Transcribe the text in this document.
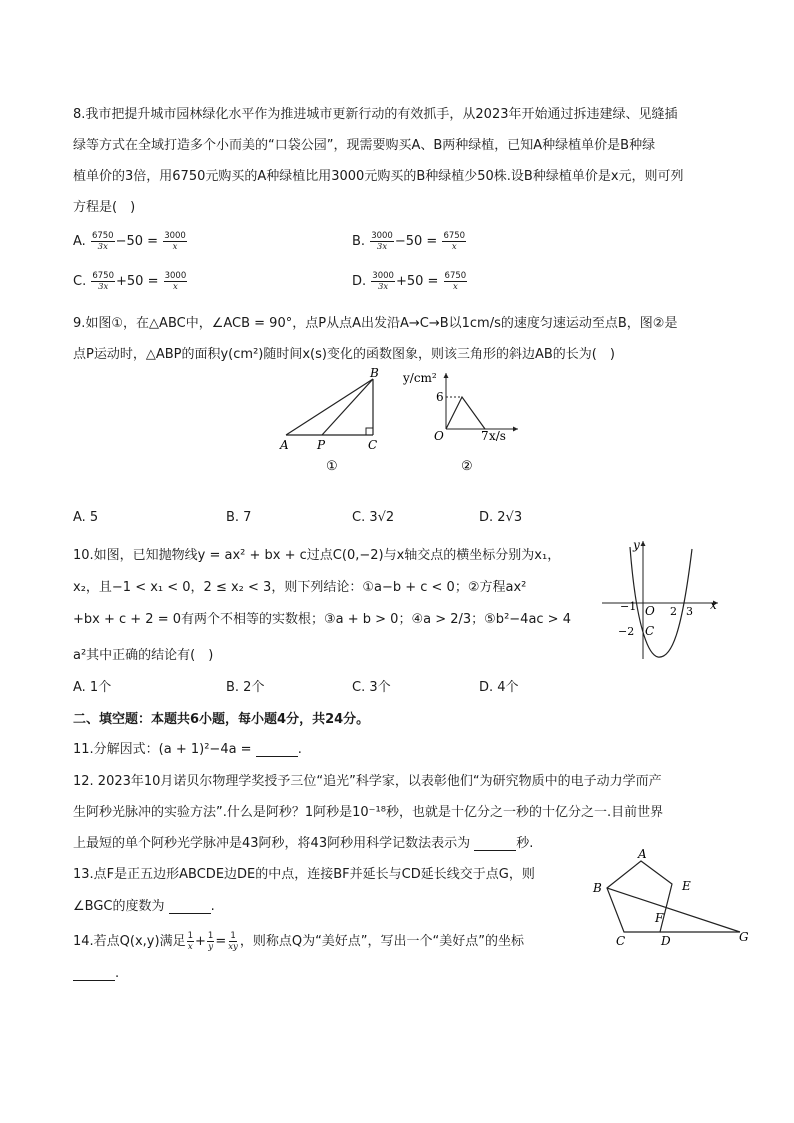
8.我市把提升城市园林绿化水平作为推进城市更新行动的有效抓手，从2023年开始通过拆违建绿、见缝插
绿等方式在全域打造多个小而美的“口袋公园”，现需要购买A、B两种绿植，已知A种绿植单价是B种绿
植单价的3倍，用6750元购买的A种绿植比用3000元购买的B种绿植少50株.设B种绿植单价是x元，则可列
方程是(　)
A. $\frac{6750}{3x} -50 = \frac{3000}{x}$	B. $\frac{3000}{3x} -50 = \frac{6750}{x}$
C. $\frac{6750}{3x} +50 = \frac{3000}{x}$	D. $\frac{3000}{3x} +50 = \frac{6750}{x}$
9.如图①，在△ABC中，∠ACB = 90°，点P从点A出发沿A→C→B以1cm/s的速度匀速运动至点B，图②是
点P运动时，△ABP的面积y(cm²)随时间x(s)变化的函数图象，则该三角形的斜边AB的长为(　)
A P	C
B
①
y/cm²
x/s
O
6
7
②
A. 5	B. 7	C. 3√2	D. 2√3
10.如图，已知抛物线y = ax² + bx + c过点C(0,−2)与x轴交点的横坐标分别为x₁，
x₂，且−1 < x₁ < 0，2 ≤ x₂ < 3，则下列结论：①a−b + c < 0；②方程ax²
+bx + c + 2 = 0有两个不相等的实数根；③a + b > 0；④a > 2/3；⑤b²−4ac > 4
a²其中正确的结论有(　)
y
x
O
−1	2 3
−2 C
A. 1个	B. 2个	C. 3个	D. 4个
二、填空题：本题共6小题，每小题4分，共24分。
11.分解因式：(a + 1)²−4a =	.
12. 2023年10月诺贝尔物理学奖授予三位“追光”科学家，以表彰他们“为研究物质中的电子动力学而产
生阿秒光脉冲的实验方法”.什么是阿秒？1阿秒是10⁻¹⁸秒，也就是十亿分之一秒的十亿分之一.目前世界
上最短的单个阿秒光学脉冲是43阿秒，将43阿秒用科学记数法表示为	秒.
13.点F是正五边形ABCDE边DE的中点，连接BF并延长与CD延长线交于点G，则
∠BGC的度数为	.
A
B
C	D
E
F
G
14.若点Q(x,y)满足 $\frac{1}{x} + \frac{1}{y} = \frac{1}{xy}$ ，则称点Q为“美好点”，写出一个“美好点”的坐标
.
